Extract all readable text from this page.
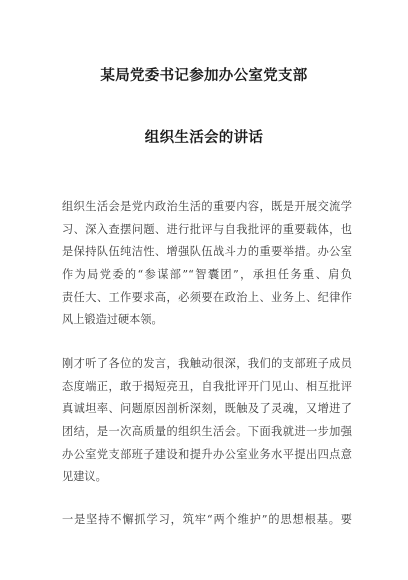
某局党委书记参加办公室党支部
组织生活会的讲话
组织生活会是党内政治生活的重要内容，既是开展交流学
习、深入查摆问题、进行批评与自我批评的重要载体，也
是保持队伍纯洁性、增强队伍战斗力的重要举措。办公室
作为局党委的“参谋部”“智囊团”，承担任务重、肩负
责任大、工作要求高，必须要在政治上、业务上、纪律作
风上锻造过硬本领。
刚才听了各位的发言，我触动很深，我们的支部班子成员
态度端正，敢于揭短亮丑，自我批评开门见山、相互批评
真诚坦率、问题原因剖析深刻，既触及了灵魂，又增进了
团结，是一次高质量的组织生活会。下面我就进一步加强
办公室党支部班子建设和提升办公室业务水平提出四点意
见建议。
一是坚持不懈抓学习，筑牢“两个维护”的思想根基。要
